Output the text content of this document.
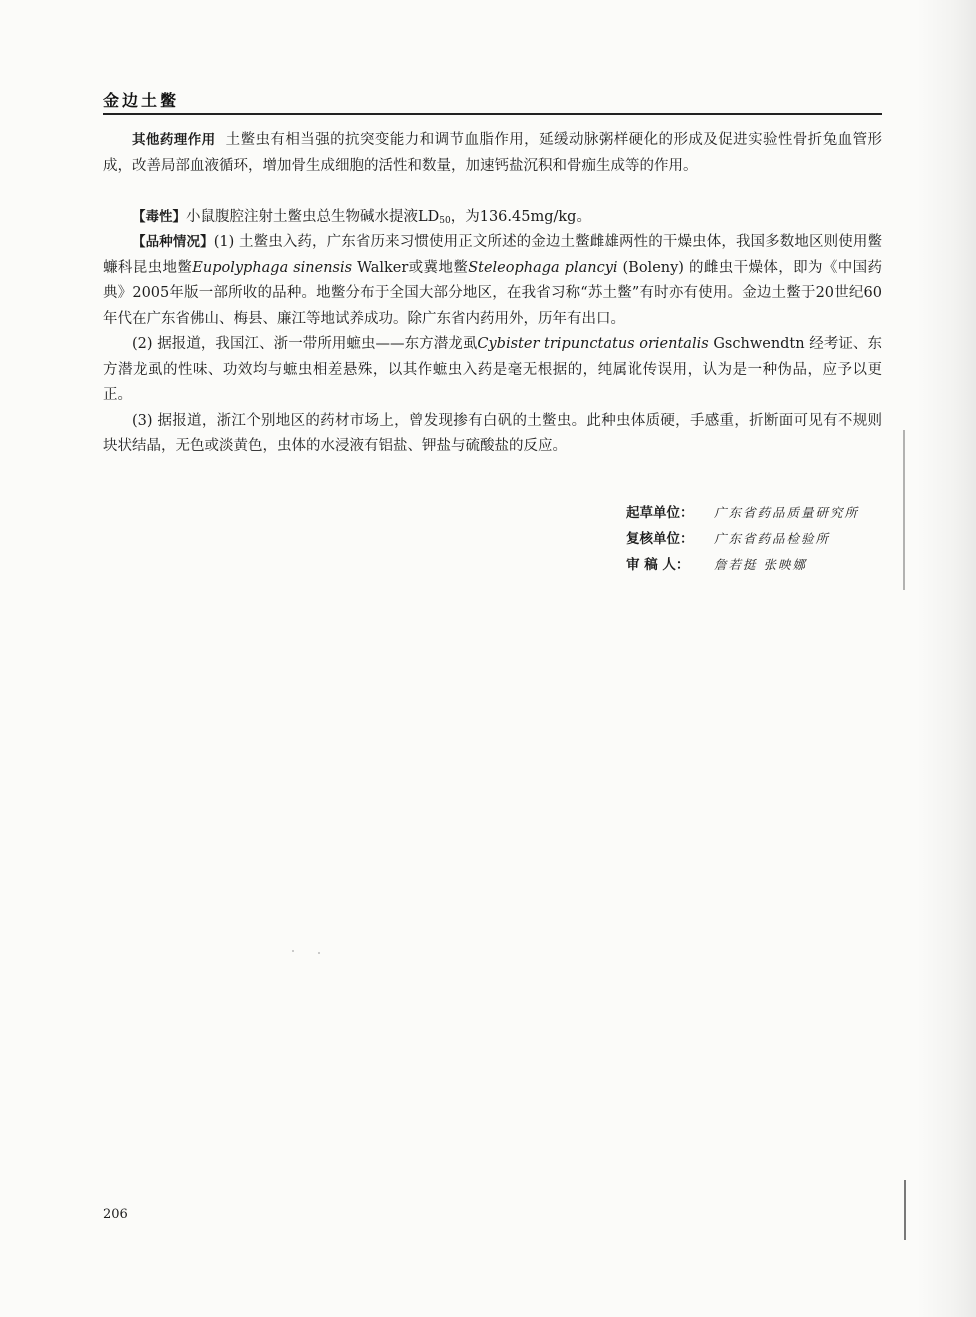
金边土鳖

其他药理作用 土鳖虫有相当强的抗突变能力和调节血脂作用，延缓动脉粥样硬化的形成及促进实验性骨折兔血管形成，改善局部血液循环，增加骨生成细胞的活性和数量，加速钙盐沉积和骨痂生成等的作用。

【毒性】小鼠腹腔注射土鳖虫总生物碱水提液$LD_{50}$，为136.45mg/kg。

【品种情况】(1) 土鳖虫入药，广东省历来习惯使用正文所述的金边土鳖雌雄两性的干燥虫体，我国多数地区则使用鳖蠊科昆虫地鳖Eupolyphaga sinensis Walker或冀地鳖Steleophaga plancyi (Boleny) 的雌虫干燥体，即为《中国药典》2005年版一部所收的品种。地鳖分布于全国大部分地区，在我省习称“苏土鳖”有时亦有使用。金边土鳖于20世纪60年代在广东省佛山、梅县、廉江等地试养成功。除广东省内药用外，历年有出口。

(2) 据报道，我国江、浙一带所用蟅虫——东方潜龙虱Cybister tripunctatus orientalis Gschwendtn 经考证、东方潜龙虱的性味、功效均与蟅虫相差悬殊，以其作蟅虫入药是毫无根据的，纯属讹传误用，认为是一种伪品，应予以更正。

(3) 据报道，浙江个别地区的药材市场上，曾发现掺有白矾的土鳖虫。此种虫体质硬，手感重，折断面可见有不规则块状结晶，无色或淡黄色，虫体的水浸液有铝盐、钾盐与硫酸盐的反应。

起草单位： 广东省药品质量研究所
复核单位： 广东省药品检验所
审 稿 人： 詹若挺 张映娜
206
